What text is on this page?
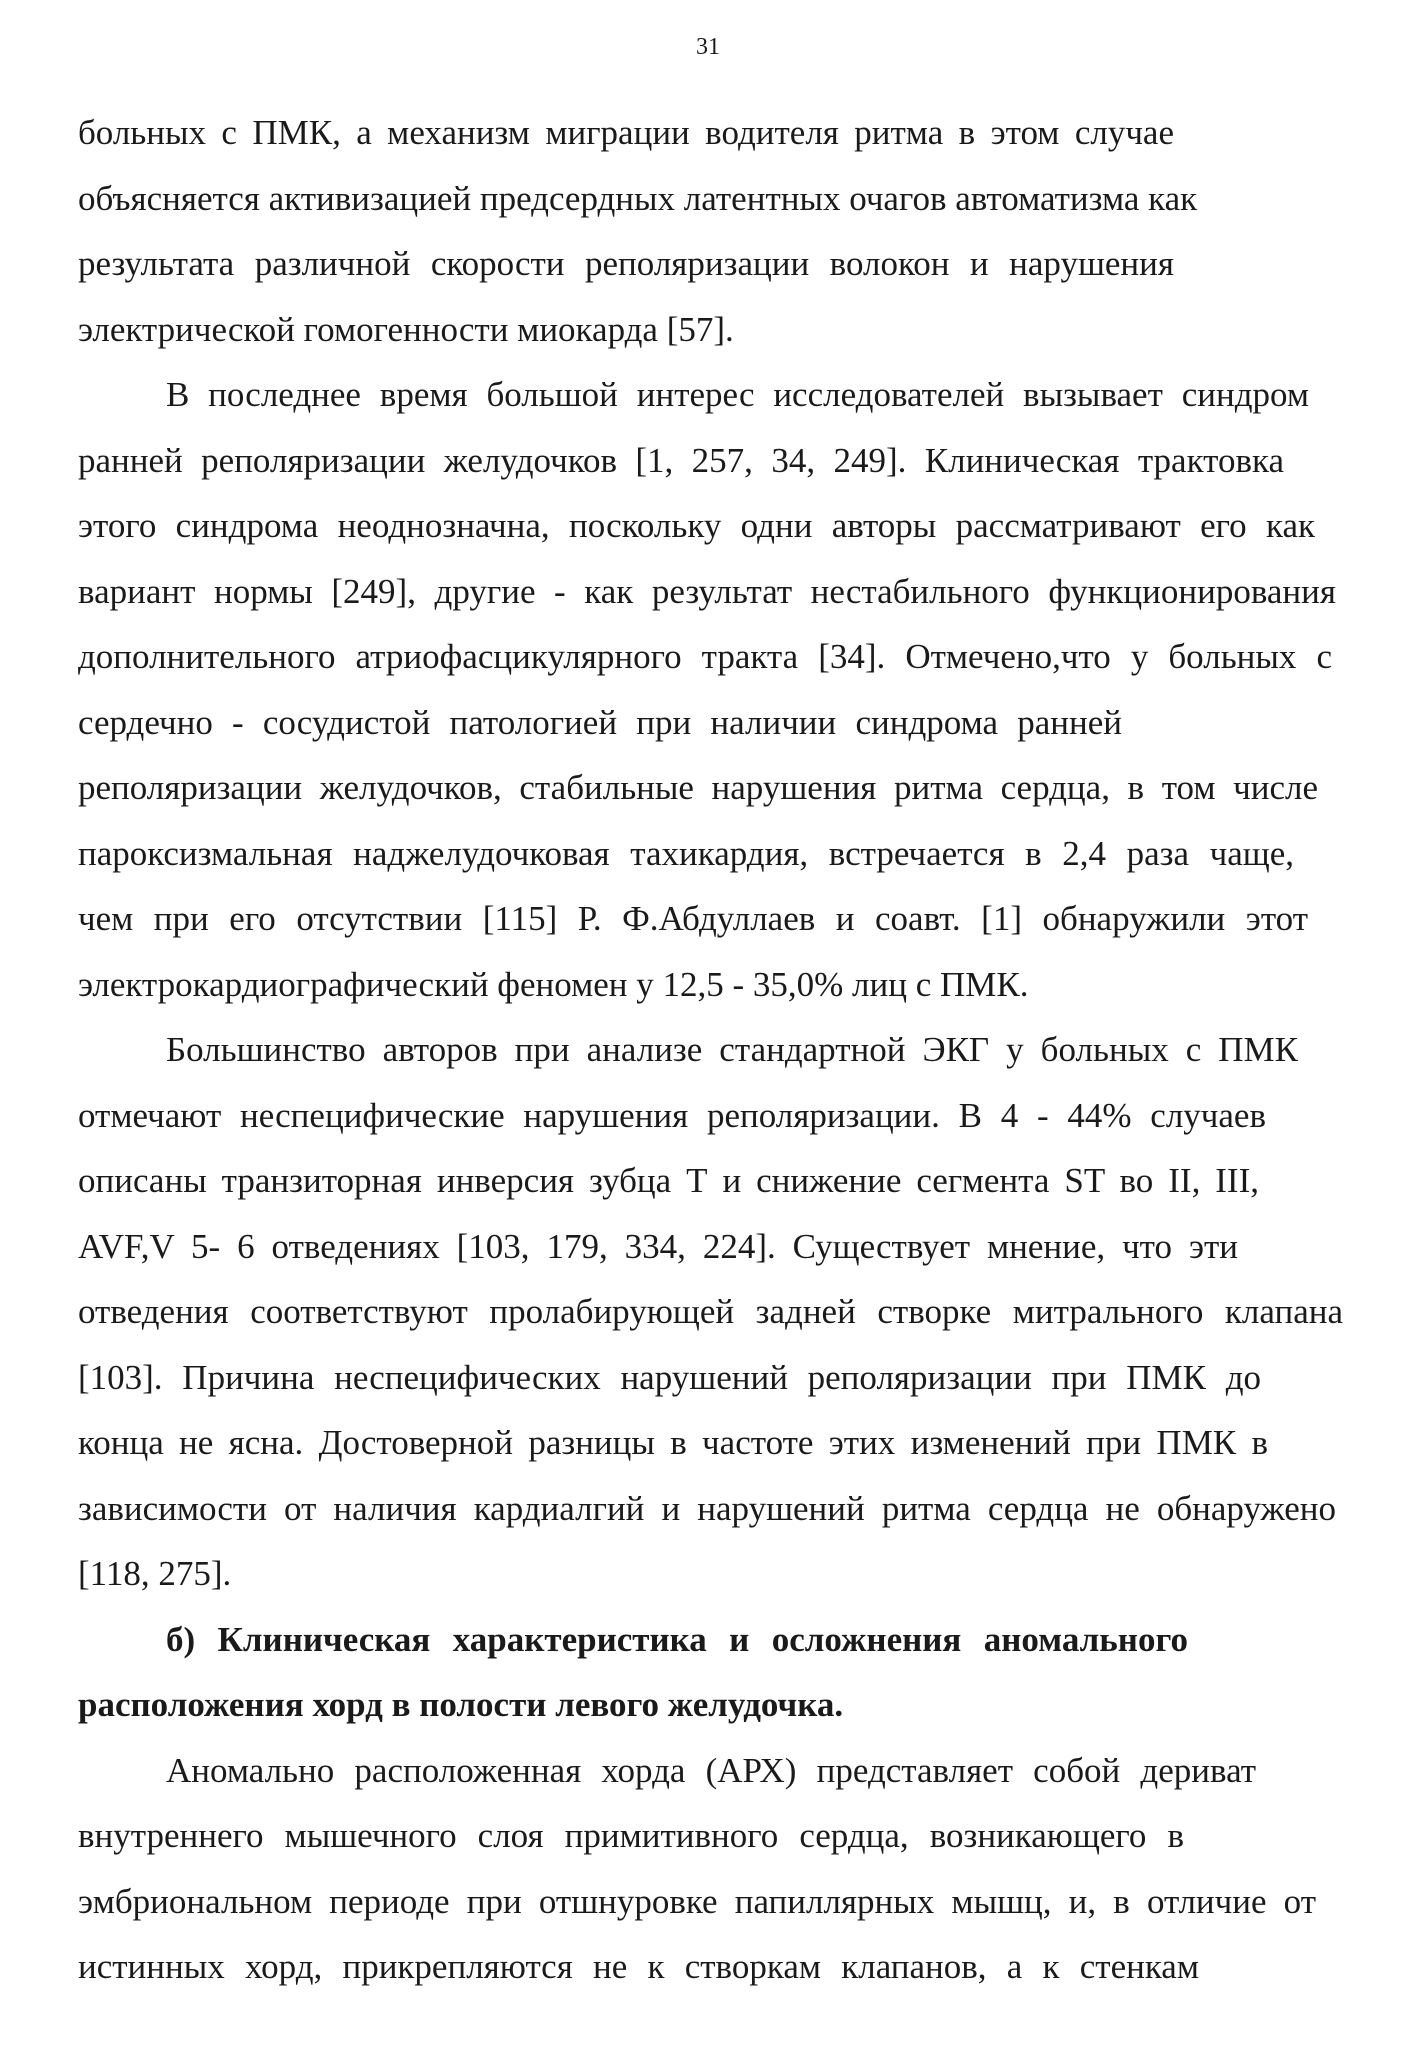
31
больных с ПМК, а механизм миграции водителя ритма в этом случае
объясняется активизацией предсердных латентных очагов автоматизма как
результата различной скорости реполяризации волокон и нарушения
электрической гомогенности миокарда [57].
В последнее время большой интерес исследователей вызывает синдром
ранней реполяризации желудочков [1, 257, 34, 249]. Клиническая трактовка
этого синдрома неоднозначна, поскольку одни авторы рассматривают его как
вариант нормы [249], другие - как результат нестабильного функционирования
дополнительного атриофасцикулярного тракта [34]. Отмечено,что у больных с
сердечно - сосудистой патологией при наличии синдрома ранней
реполяризации желудочков, стабильные нарушения ритма сердца, в том числе
пароксизмальная наджелудочковая тахикардия, встречается в 2,4 раза чаще,
чем при его отсутствии [115] Р. Ф.Абдуллаев и соавт. [1] обнаружили этот
электрокардиографический феномен у 12,5 - 35,0% лиц с ПМК.
Большинство авторов при анализе стандартной ЭКГ у больных с ПМК
отмечают неспецифические нарушения реполяризации. В 4 - 44% случаев
описаны транзиторная инверсия зубца Т и снижение сегмента ST во II, III,
AVF,V 5- 6 отведениях [103, 179, 334, 224]. Существует мнение, что эти
отведения соответствуют пролабирующей задней створке митрального клапана
[103]. Причина неспецифических нарушений реполяризации при ПМК до
конца не ясна. Достоверной разницы в частоте этих изменений при ПМК в
зависимости от наличия кардиалгий и нарушений ритма сердца не обнаружено
[118, 275].
б) Клиническая характеристика и осложнения аномального
расположения хорд в полости левого желудочка.
Аномально расположенная хорда (АРХ) представляет собой дериват
внутреннего мышечного слоя примитивного сердца, возникающего в
эмбриональном периоде при отшнуровке папиллярных мышц, и, в отличие от
истинных хорд, прикрепляются не к створкам клапанов, а к стенкам
